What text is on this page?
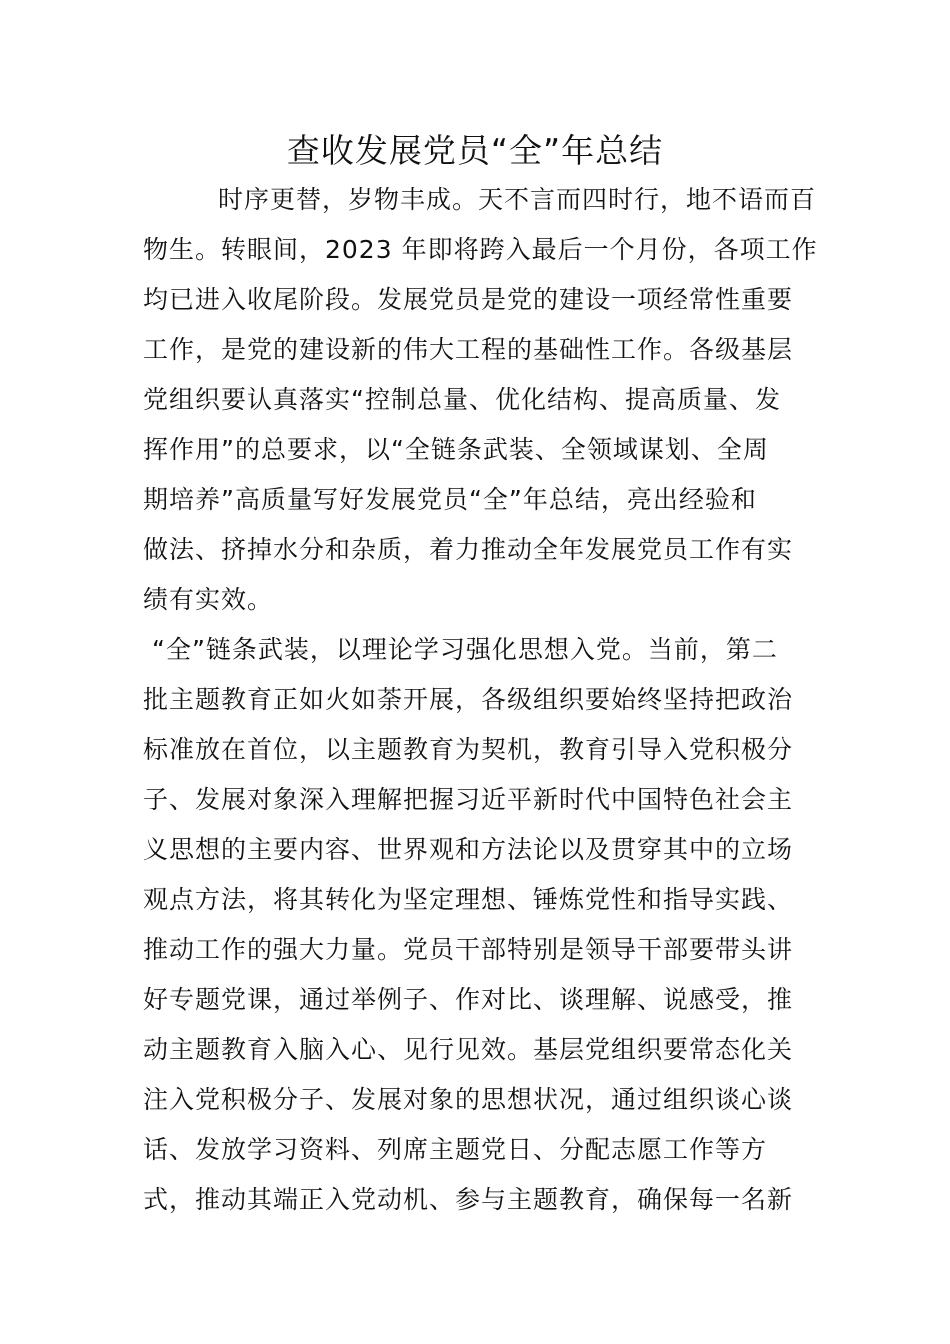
查收发展党员“全”年总结
时序更替，岁物丰成。天不言而四时行，地不语而百
物生。转眼间，2023 年即将跨入最后一个月份，各项工作
均已进入收尾阶段。发展党员是党的建设一项经常性重要
工作，是党的建设新的伟大工程的基础性工作。各级基层
党组织要认真落实“控制总量、优化结构、提高质量、发
挥作用”的总要求，以“全链条武装、全领域谋划、全周
期培养”高质量写好发展党员“全”年总结，亮出经验和
做法、挤掉水分和杂质，着力推动全年发展党员工作有实
绩有实效。
“全”链条武装，以理论学习强化思想入党。当前，第二
批主题教育正如火如荼开展，各级组织要始终坚持把政治
标准放在首位，以主题教育为契机，教育引导入党积极分
子、发展对象深入理解把握习近平新时代中国特色社会主
义思想的主要内容、世界观和方法论以及贯穿其中的立场
观点方法，将其转化为坚定理想、锤炼党性和指导实践、
推动工作的强大力量。党员干部特别是领导干部要带头讲
好专题党课，通过举例子、作对比、谈理解、说感受，推
动主题教育入脑入心、见行见效。基层党组织要常态化关
注入党积极分子、发展对象的思想状况，通过组织谈心谈
话、发放学习资料、列席主题党日、分配志愿工作等方
式，推动其端正入党动机、参与主题教育，确保每一名新
